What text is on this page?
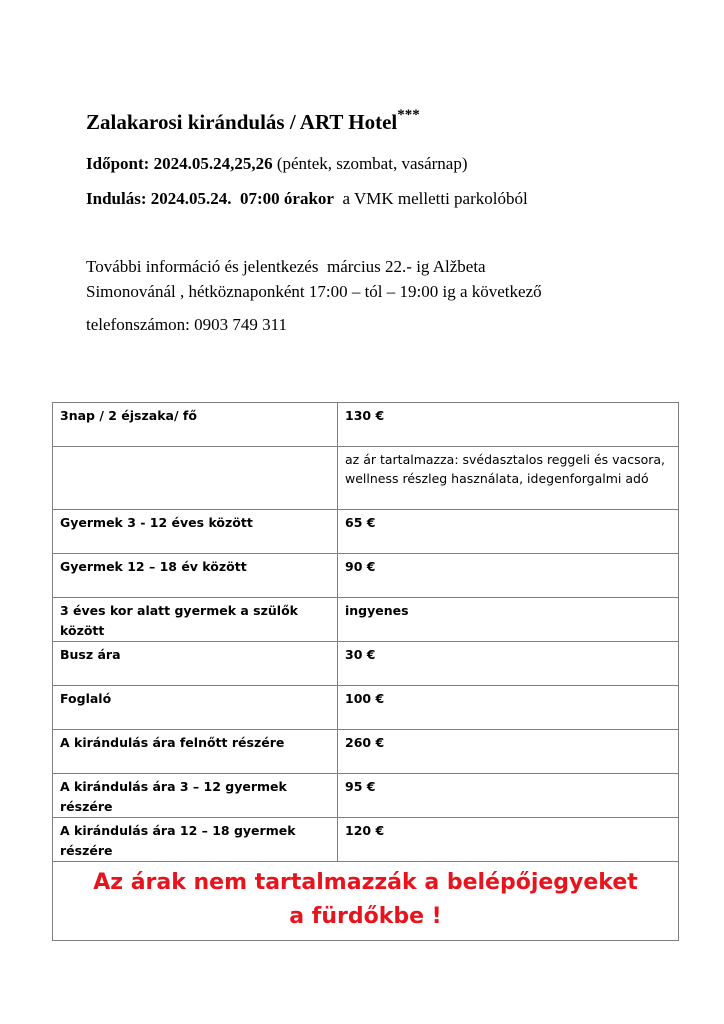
Zalakarosi kirándulás / ART Hotel***
Időpont: 2024.05.24,25,26 (péntek, szombat, vasárnap)
Indulás: 2024.05.24.  07:00 órakor a VMK melletti parkolóból
További információ és jelentkezés  március 22.- ig Alžbeta
Simonovánál , hétköznaponként 17:00 – tól – 19:00 ig a következő
telefonszámon: 0903 749 311
3nap / 2 éjszaka/ fő	130 €
	az ár tartalmazza: svédasztalos reggeli és vacsora, wellness részleg használata, idegenforgalmi adó
Gyermek 3 - 12 éves között	65 €
Gyermek 12 – 18 év között	90 €
3 éves kor alatt gyermek a szülők között	ingyenes
Busz ára	30 €
Foglaló	100 €
A kirándulás ára felnőtt részére	260 €
A kirándulás ára 3 – 12 gyermek részére	95 €
A kirándulás ára 12 – 18 gyermek részére	120 €
Az árak nem tartalmazzák a belépőjegyeket a fürdőkbe !	
